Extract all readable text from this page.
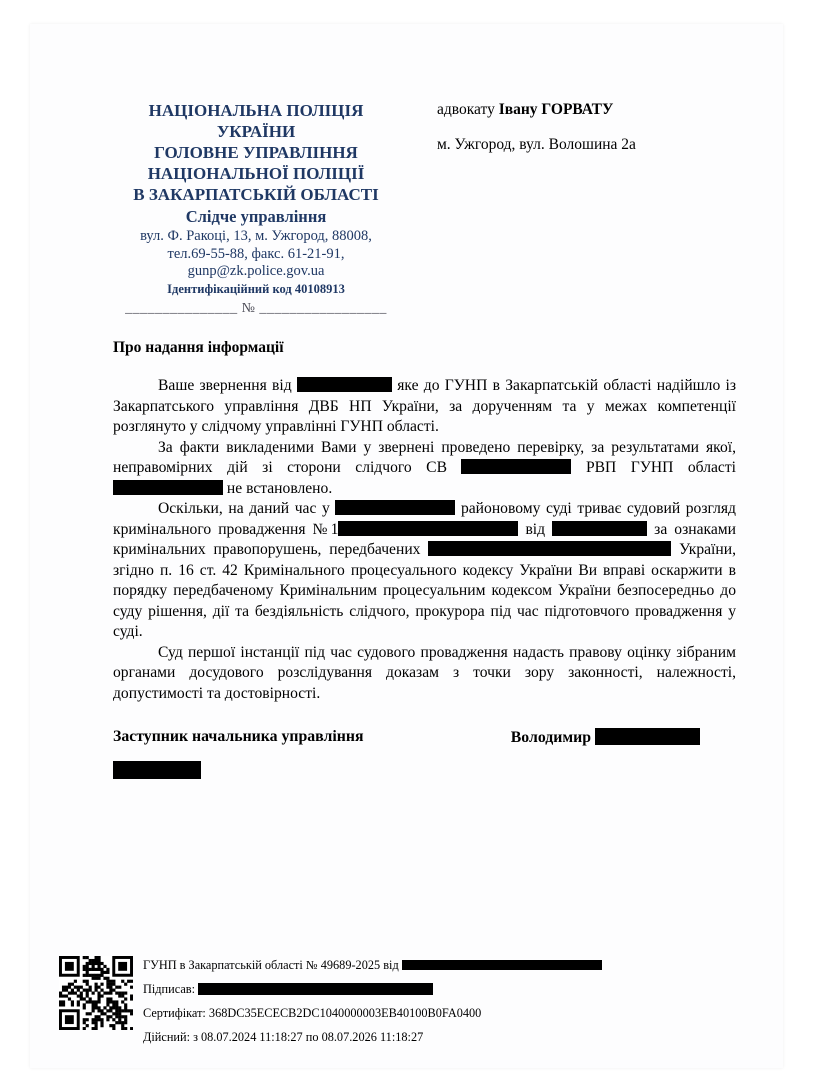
НАЦІОНАЛЬНА ПОЛІЦІЯ
УКРАЇНИ
ГОЛОВНЕ УПРАВЛІННЯ
НАЦІОНАЛЬНОЇ ПОЛІЦІЇ
В ЗАКАРПАТСЬКІЙ ОБЛАСТІ
Слідче управління
вул. Ф. Ракоці, 13, м. Ужгород, 88008,
тел.69-55-88, факс. 61-21-91,
gunp@zk.police.gov.ua
Ідентифікаційний код 40108913
_______________ № _________________
адвокату Івану ГОРВАТУ
м. Ужгород, вул. Волошина 2а
Про надання інформації

Ваше звернення від	яке до ГУНП в Закарпатській області надійшло із Закарпатського управління ДВБ НП України, за дорученням та у межах компетенції розглянуто у слідчому управлінні ГУНП області.

За факти викладеними Вами у звернені проведено перевірку, за результатами якої, неправомірних дій зі сторони слідчого СВ	РВП ГУНП області  не встановлено.

Оскільки, на даний час у	районовому суді триває судовий розгляд кримінального провадження №1	від	за ознаками кримінальних правопорушень, передбачених	України, згідно п. 16 ст. 42 Кримінального процесуального кодексу України Ви вправі оскаржити в порядку передбаченому Кримінальним процесуальним кодексом України безпосередньо до суду рішення, дії та бездіяльність слідчого, прокурора під час підготовчого провадження у суді.

Суд першої інстанції під час судового провадження надасть правову оцінку зібраним органами досудового розслідування доказам з точки зору законності, належності, допустимості та достовірності.

Заступник начальника управління	Володимир
ГУНП в Закарпатській області № 49689-2025 від
Підписав:
Сертифікат: 368DC35ECECB2DC1040000003EB40100B0FA0400
Дійсний: з 08.07.2024 11:18:27 по 08.07.2026 11:18:27
